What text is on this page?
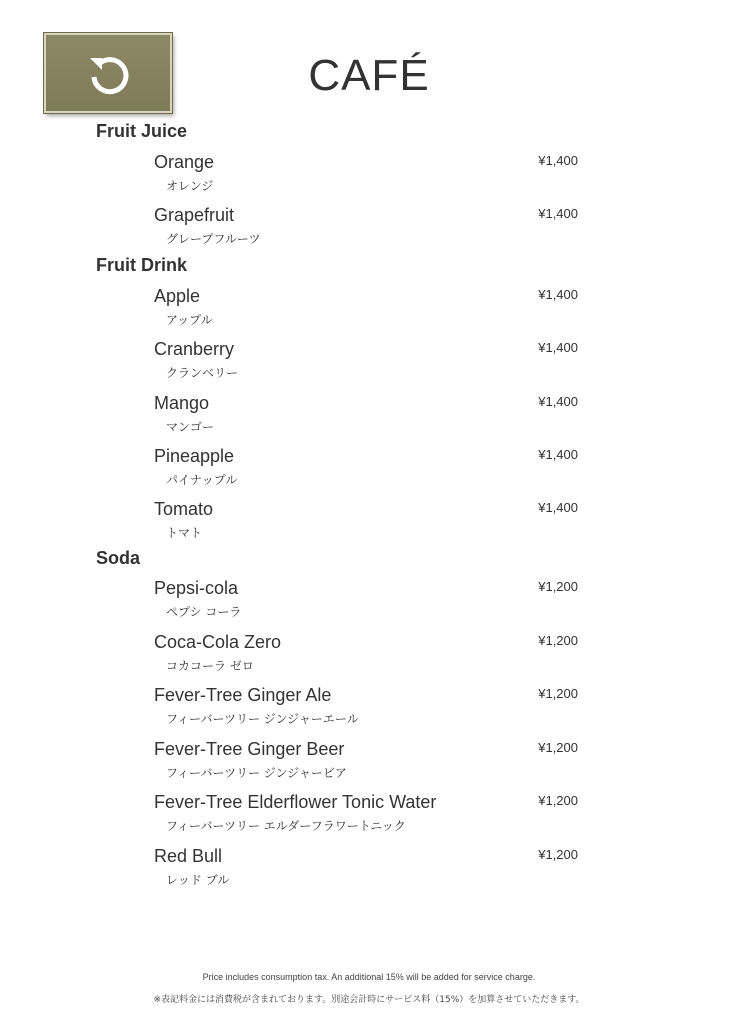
CAFÉ
Fruit Juice
Orange
オレンジ
¥1,400
Grapefruit
グレープフルーツ
¥1,400
Fruit Drink
Apple
アップル
¥1,400
Cranberry
クランベリー
¥1,400
Mango
マンゴー
¥1,400
Pineapple
パイナップル
¥1,400
Tomato
トマト
¥1,400
Soda
Pepsi-cola
ペプシ コーラ
¥1,200
Coca-Cola Zero
コカコーラ ゼロ
¥1,200
Fever-Tree Ginger Ale
フィーバーツリー ジンジャーエール
¥1,200
Fever-Tree Ginger Beer
フィーバーツリー ジンジャービア
¥1,200
Fever-Tree Elderflower Tonic Water
フィーバーツリー エルダーフラワートニック
¥1,200
Red Bull
レッド ブル
¥1,200
Price includes consumption tax. An additional 15% will be added for service charge.
※表記料金には消費税が含まれております。別途会計時にサービス料（15%）を加算させていただきます。
